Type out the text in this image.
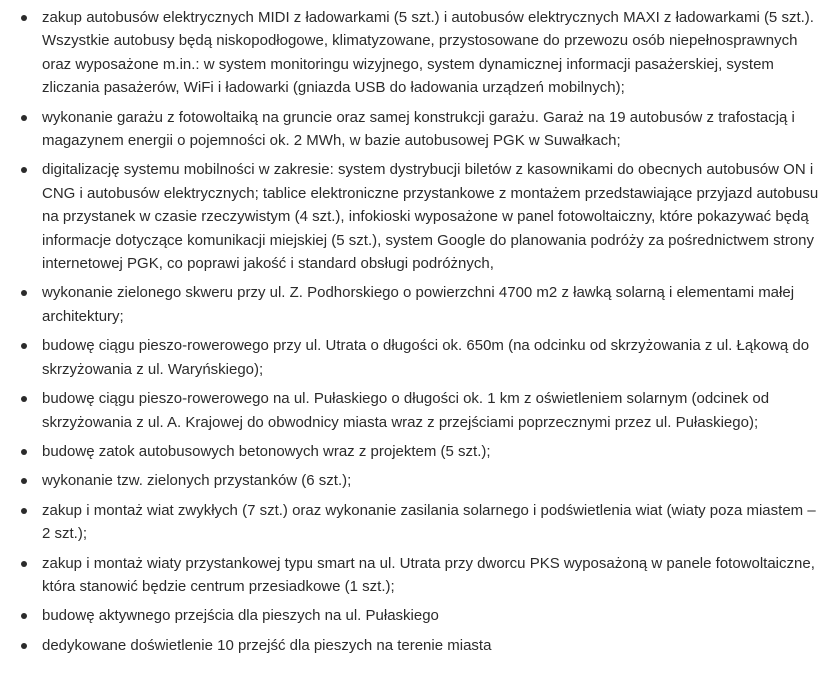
zakup autobusów elektrycznych MIDI z ładowarkami (5 szt.) i autobusów elektrycznych MAXI z ładowarkami (5 szt.). Wszystkie autobusy będą niskopodłogowe, klimatyzowane, przystosowane do przewozu osób niepełnosprawnych oraz wyposażone m.in.: w system monitoringu wizyjnego, system dynamicznej informacji pasażerskiej, system zliczania pasażerów, WiFi i ładowarki (gniazda USB do ładowania urządzeń mobilnych);
wykonanie garażu z fotowoltaiką na gruncie oraz samej konstrukcji garażu. Garaż na 19 autobusów z trafostacją i magazynem energii o pojemności ok. 2 MWh, w bazie autobusowej PGK w Suwałkach;
digitalizację systemu mobilności w zakresie: system dystrybucji biletów z kasownikami do obecnych autobusów ON i CNG i autobusów elektrycznych; tablice elektroniczne przystankowe z montażem przedstawiające przyjazd autobusu na przystanek w czasie rzeczywistym (4 szt.), infokioski wyposażone w panel fotowoltaiczny, które pokazywać będą informacje dotyczące komunikacji miejskiej (5 szt.), system Google do planowania podróży za pośrednictwem strony internetowej PGK, co poprawi jakość i standard obsługi podróżnych,
wykonanie zielonego skweru przy ul. Z. Podhorskiego o powierzchni 4700 m2 z ławką solarną i elementami małej architektury;
budowę ciągu pieszo-rowerowego przy ul. Utrata o długości ok. 650m (na odcinku od skrzyżowania z ul. Łąkową do skrzyżowania z ul. Waryńskiego);
budowę ciągu pieszo-rowerowego na ul. Pułaskiego o długości ok. 1 km z oświetleniem solarnym (odcinek od skrzyżowania z ul. A. Krajowej do obwodnicy miasta wraz z przejściami poprzecznymi przez ul. Pułaskiego);
budowę zatok autobusowych betonowych wraz z projektem (5 szt.);
wykonanie tzw. zielonych przystanków (6 szt.);
zakup i montaż wiat zwykłych (7 szt.) oraz wykonanie zasilania solarnego i podświetlenia wiat (wiaty poza miastem – 2 szt.);
zakup i montaż wiaty przystankowej typu smart na ul. Utrata przy dworcu PKS wyposażoną w panele fotowoltaiczne, która stanowić będzie centrum przesiadkowe (1 szt.);
budowę aktywnego przejścia dla pieszych na ul. Pułaskiego
dedykowane doświetlenie 10 przejść dla pieszych na terenie miasta
